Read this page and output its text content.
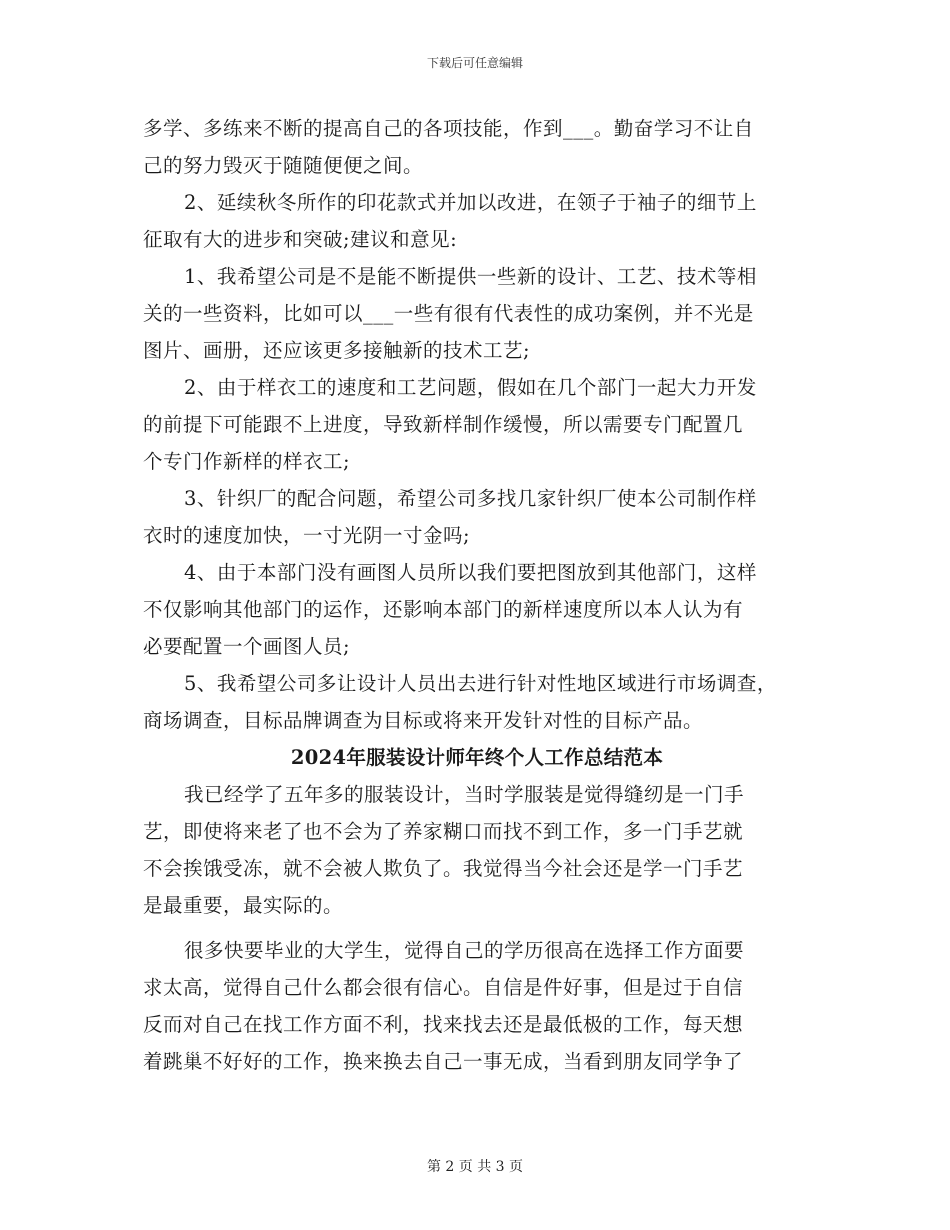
下载后可任意编辑
多学、多练来不断的提高自己的各项技能，作到___。勤奋学习不让自
己的努力毁灭于随随便便之间。
2、延续秋冬所作的印花款式并加以改进，在领子于袖子的细节上
征取有大的进步和突破;建议和意见:
1、我希望公司是不是能不断提供一些新的设计、工艺、技术等相
关的一些资料，比如可以___一些有很有代表性的成功案例，并不光是
图片、画册，还应该更多接触新的技术工艺;
2、由于样衣工的速度和工艺问题，假如在几个部门一起大力开发
的前提下可能跟不上进度，导致新样制作缓慢，所以需要专门配置几
个专门作新样的样衣工;
3、针织厂的配合问题，希望公司多找几家针织厂使本公司制作样
衣时的速度加快，一寸光阴一寸金吗;
4、由于本部门没有画图人员所以我们要把图放到其他部门，这样
不仅影响其他部门的运作，还影响本部门的新样速度所以本人认为有
必要配置一个画图人员;
5、我希望公司多让设计人员出去进行针对性地区域进行市场调查，
商场调查，目标品牌调查为目标或将来开发针对性的目标产品。
2024年服装设计师年终个人工作总结范本
我已经学了五年多的服装设计，当时学服装是觉得缝纫是一门手
艺，即使将来老了也不会为了养家糊口而找不到工作，多一门手艺就
不会挨饿受冻，就不会被人欺负了。我觉得当今社会还是学一门手艺
是最重要，最实际的。
很多快要毕业的大学生，觉得自己的学历很高在选择工作方面要
求太高，觉得自己什么都会很有信心。自信是件好事，但是过于自信
反而对自己在找工作方面不利，找来找去还是最低极的工作，每天想
着跳巢不好好的工作，换来换去自己一事无成，当看到朋友同学争了
第 2 页 共 3 页
